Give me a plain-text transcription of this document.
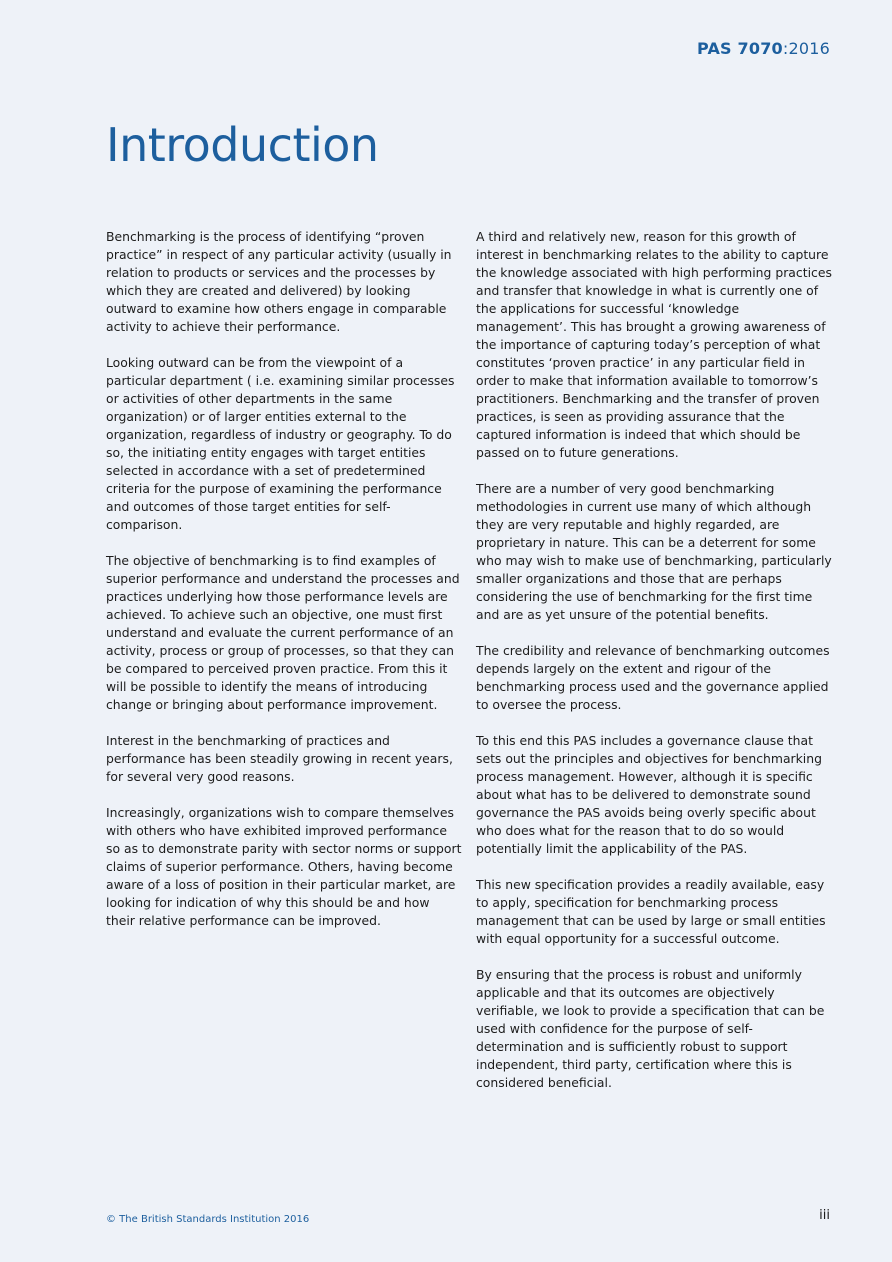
PAS 7070:2016
Introduction

Benchmarking is the process of identifying “proven practice” in respect of any particular activity (usually in relation to products or services and the processes by which they are created and delivered) by looking outward to examine how others engage in comparable activity to achieve their performance.

Looking outward can be from the viewpoint of a particular department ( i.e. examining similar processes or activities of other departments in the same organization) or of larger entities external to the organization, regardless of industry or geography. To do so, the initiating entity engages with target entities selected in accordance with a set of predetermined criteria for the purpose of examining the performance and outcomes of those target entities for self-comparison.

The objective of benchmarking is to find examples of superior performance and understand the processes and practices underlying how those performance levels are achieved. To achieve such an objective, one must first understand and evaluate the current performance of an activity, process or group of processes, so that they can be compared to perceived proven practice. From this it will be possible to identify the means of introducing change or bringing about performance improvement.

Interest in the benchmarking of practices and performance has been steadily growing in recent years, for several very good reasons.

Increasingly, organizations wish to compare themselves with others who have exhibited improved performance so as to demonstrate parity with sector norms or support claims of superior performance. Others, having become aware of a loss of position in their particular market, are looking for indication of why this should be and how their relative performance can be improved.

A third and relatively new, reason for this growth of interest in benchmarking relates to the ability to capture the knowledge associated with high performing practices and transfer that knowledge in what is currently one of the applications for successful ‘knowledge management’. This has brought a growing awareness of the importance of capturing today’s perception of what constitutes ‘proven practice’ in any particular field in order to make that information available to tomorrow’s practitioners. Benchmarking and the transfer of proven practices, is seen as providing assurance that the captured information is indeed that which should be passed on to future generations.

There are a number of very good benchmarking methodologies in current use many of which although they are very reputable and highly regarded, are proprietary in nature. This can be a deterrent for some who may wish to make use of benchmarking, particularly smaller organizations and those that are perhaps considering the use of benchmarking for the first time and are as yet unsure of the potential benefits.

The credibility and relevance of benchmarking outcomes depends largely on the extent and rigour of the benchmarking process used and the governance applied to oversee the process.

To this end this PAS includes a governance clause that sets out the principles and objectives for benchmarking process management. However, although it is specific about what has to be delivered to demonstrate sound governance the PAS avoids being overly specific about who does what for the reason that to do so would potentially limit the applicability of the PAS.

This new specification provides a readily available, easy to apply, specification for benchmarking process management that can be used by large or small entities with equal opportunity for a successful outcome.

By ensuring that the process is robust and uniformly applicable and that its outcomes are objectively verifiable, we look to provide a specification that can be used with confidence for the purpose of self-determination and is sufficiently robust to support independent, third party, certification where this is considered beneficial.

© The British Standards Institution 2016	iii
